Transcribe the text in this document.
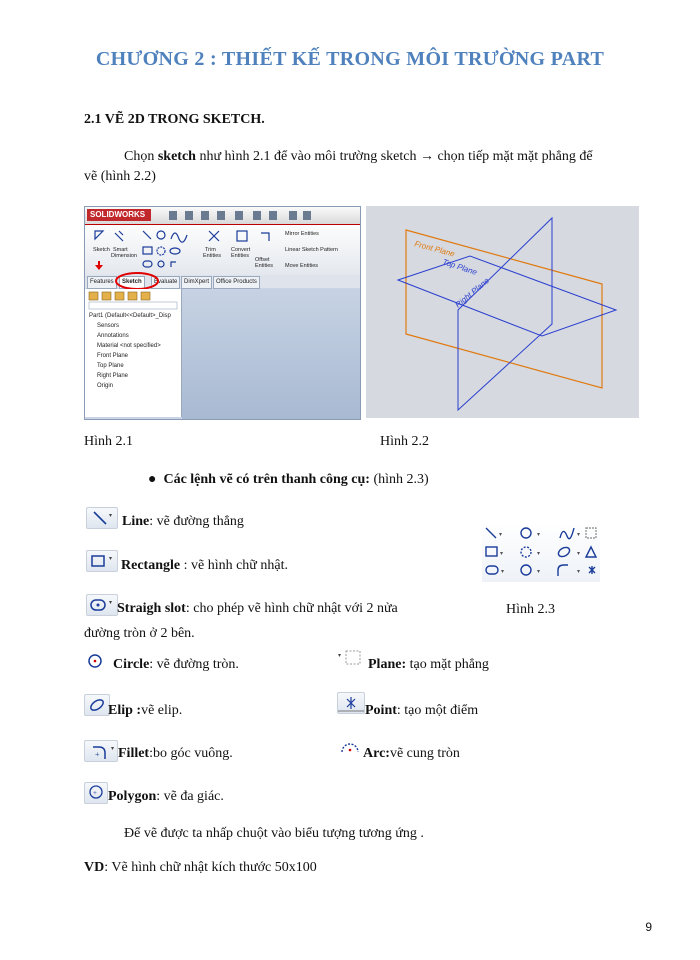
CHƯƠNG 2 : THIẾT KẾ TRONG MÔI TRƯỜNG PART
2.1 VẼ 2D TRONG SKETCH.
Chọn sketch như hình 2.1 để vào môi trường sketch → chọn tiếp mặt mặt phẳng để
vẽ (hình 2.2)
SOLIDWORKS
Sketch Smart
Dimension
Trim
Entities
Convert
Entities
Offset
Entities
Mirror Entities
Linear Sketch Pattern
Move Entities
Features	Sketch	Evaluate	DimXpert	Office Products
Part1 (Default<<Default>_Disp
Sensors
Annotations
Material <not specified>
Front Plane
Top Plane
Right Plane
Origin
Front Plane
Top Plane
Right Plane
Hình 2.1	Hình 2.2
●  Các lệnh vẽ có trên thanh công cụ: (hình 2.3)
▾	▾	▾
▾	▾	▾
▾	▾	▾
Hình 2.3
▾ Line: vẽ đường thẳng
▾ Rectangle : vẽ hình chữ nhật.
▾ Straigh slot: cho phép vẽ hình chữ nhật với 2 nửa
đường tròn ở 2 bên.
Circle: vẽ đường tròn.
▾
Plane: tạo mặt phẳng
Elip :vẽ elip.	Point: tạo một điểm
+
▾ Fillet:bo góc vuông.	Arc:vẽ cung tròn
+ Polygon: vẽ đa giác.
Để vẽ được ta nhấp chuột vào biểu tượng tương ứng .
VD: Vẽ hình chữ nhật kích thước 50x100
9
